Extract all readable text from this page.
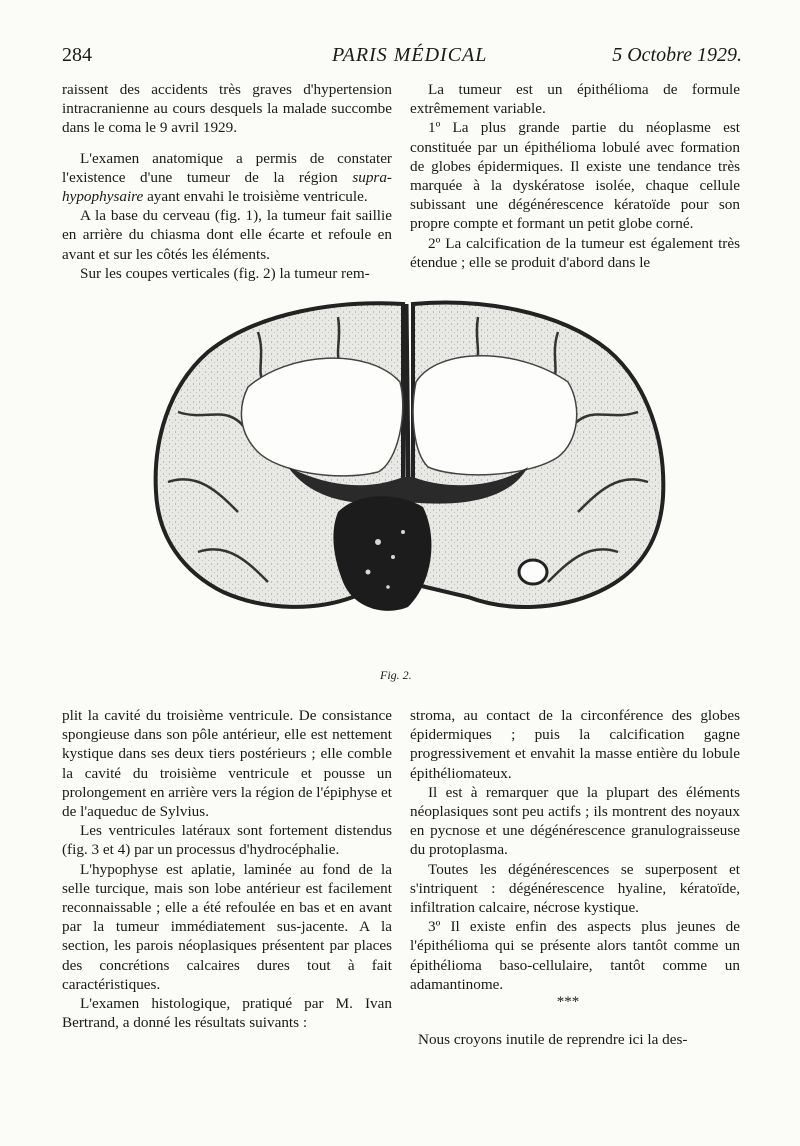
284	PARIS MÉDICAL	5 Octobre 1929.

raissent des accidents très graves d'hypertension intracranienne au cours desquels la malade succombe dans le coma le 9 avril 1929.

L'examen anatomique a permis de constater l'existence d'une tumeur de la région supra-hypophysaire ayant envahi le troisième ventricule.

A la base du cerveau (fig. 1), la tumeur fait saillie en arrière du chiasma dont elle écarte et refoule en avant et sur les côtés les éléments.

Sur les coupes verticales (fig. 2) la tumeur rem-

La tumeur est un épithélioma de formule extrêmement variable.

1º La plus grande partie du néoplasme est constituée par un épithélioma lobulé avec formation de globes épidermiques. Il existe une tendance très marquée à la dyskératose isolée, chaque cellule subissant une dégénérescence kératoïde pour son propre compte et formant un petit globe corné.

2º La calcification de la tumeur est également très étendue ; elle se produit d'abord dans le

Fig. 2.

plit la cavité du troisième ventricule. De consistance spongieuse dans son pôle antérieur, elle est nettement kystique dans ses deux tiers postérieurs ; elle comble la cavité du troisième ventricule et pousse un prolongement en arrière vers la région de l'épiphyse et de l'aqueduc de Sylvius.

Les ventricules latéraux sont fortement distendus (fig. 3 et 4) par un processus d'hydrocéphalie.

L'hypophyse est aplatie, laminée au fond de la selle turcique, mais son lobe antérieur est facilement reconnaissable ; elle a été refoulée en bas et en avant par la tumeur immédiatement sus-jacente. A la section, les parois néoplasiques présentent par places des concrétions calcaires dures tout à fait caractéristiques.

L'examen histologique, pratiqué par M. Ivan Bertrand, a donné les résultats suivants :

stroma, au contact de la circonférence des globes épidermiques ; puis la calcification gagne progressivement et envahit la masse entière du lobule épithéliomateux.

Il est à remarquer que la plupart des éléments néoplasiques sont peu actifs ; ils montrent des noyaux en pycnose et une dégénérescence granulograisseuse du protoplasma.

Toutes les dégénérescences se superposent et s'intriquent : dégénérescence hyaline, kératoïde, infiltration calcaire, nécrose kystique.

3º Il existe enfin des aspects plus jeunes de l'épithélioma qui se présente alors tantôt comme un épithélioma baso-cellulaire, tantôt comme un adamantinome.

***
Nous croyons inutile de reprendre ici la des-
